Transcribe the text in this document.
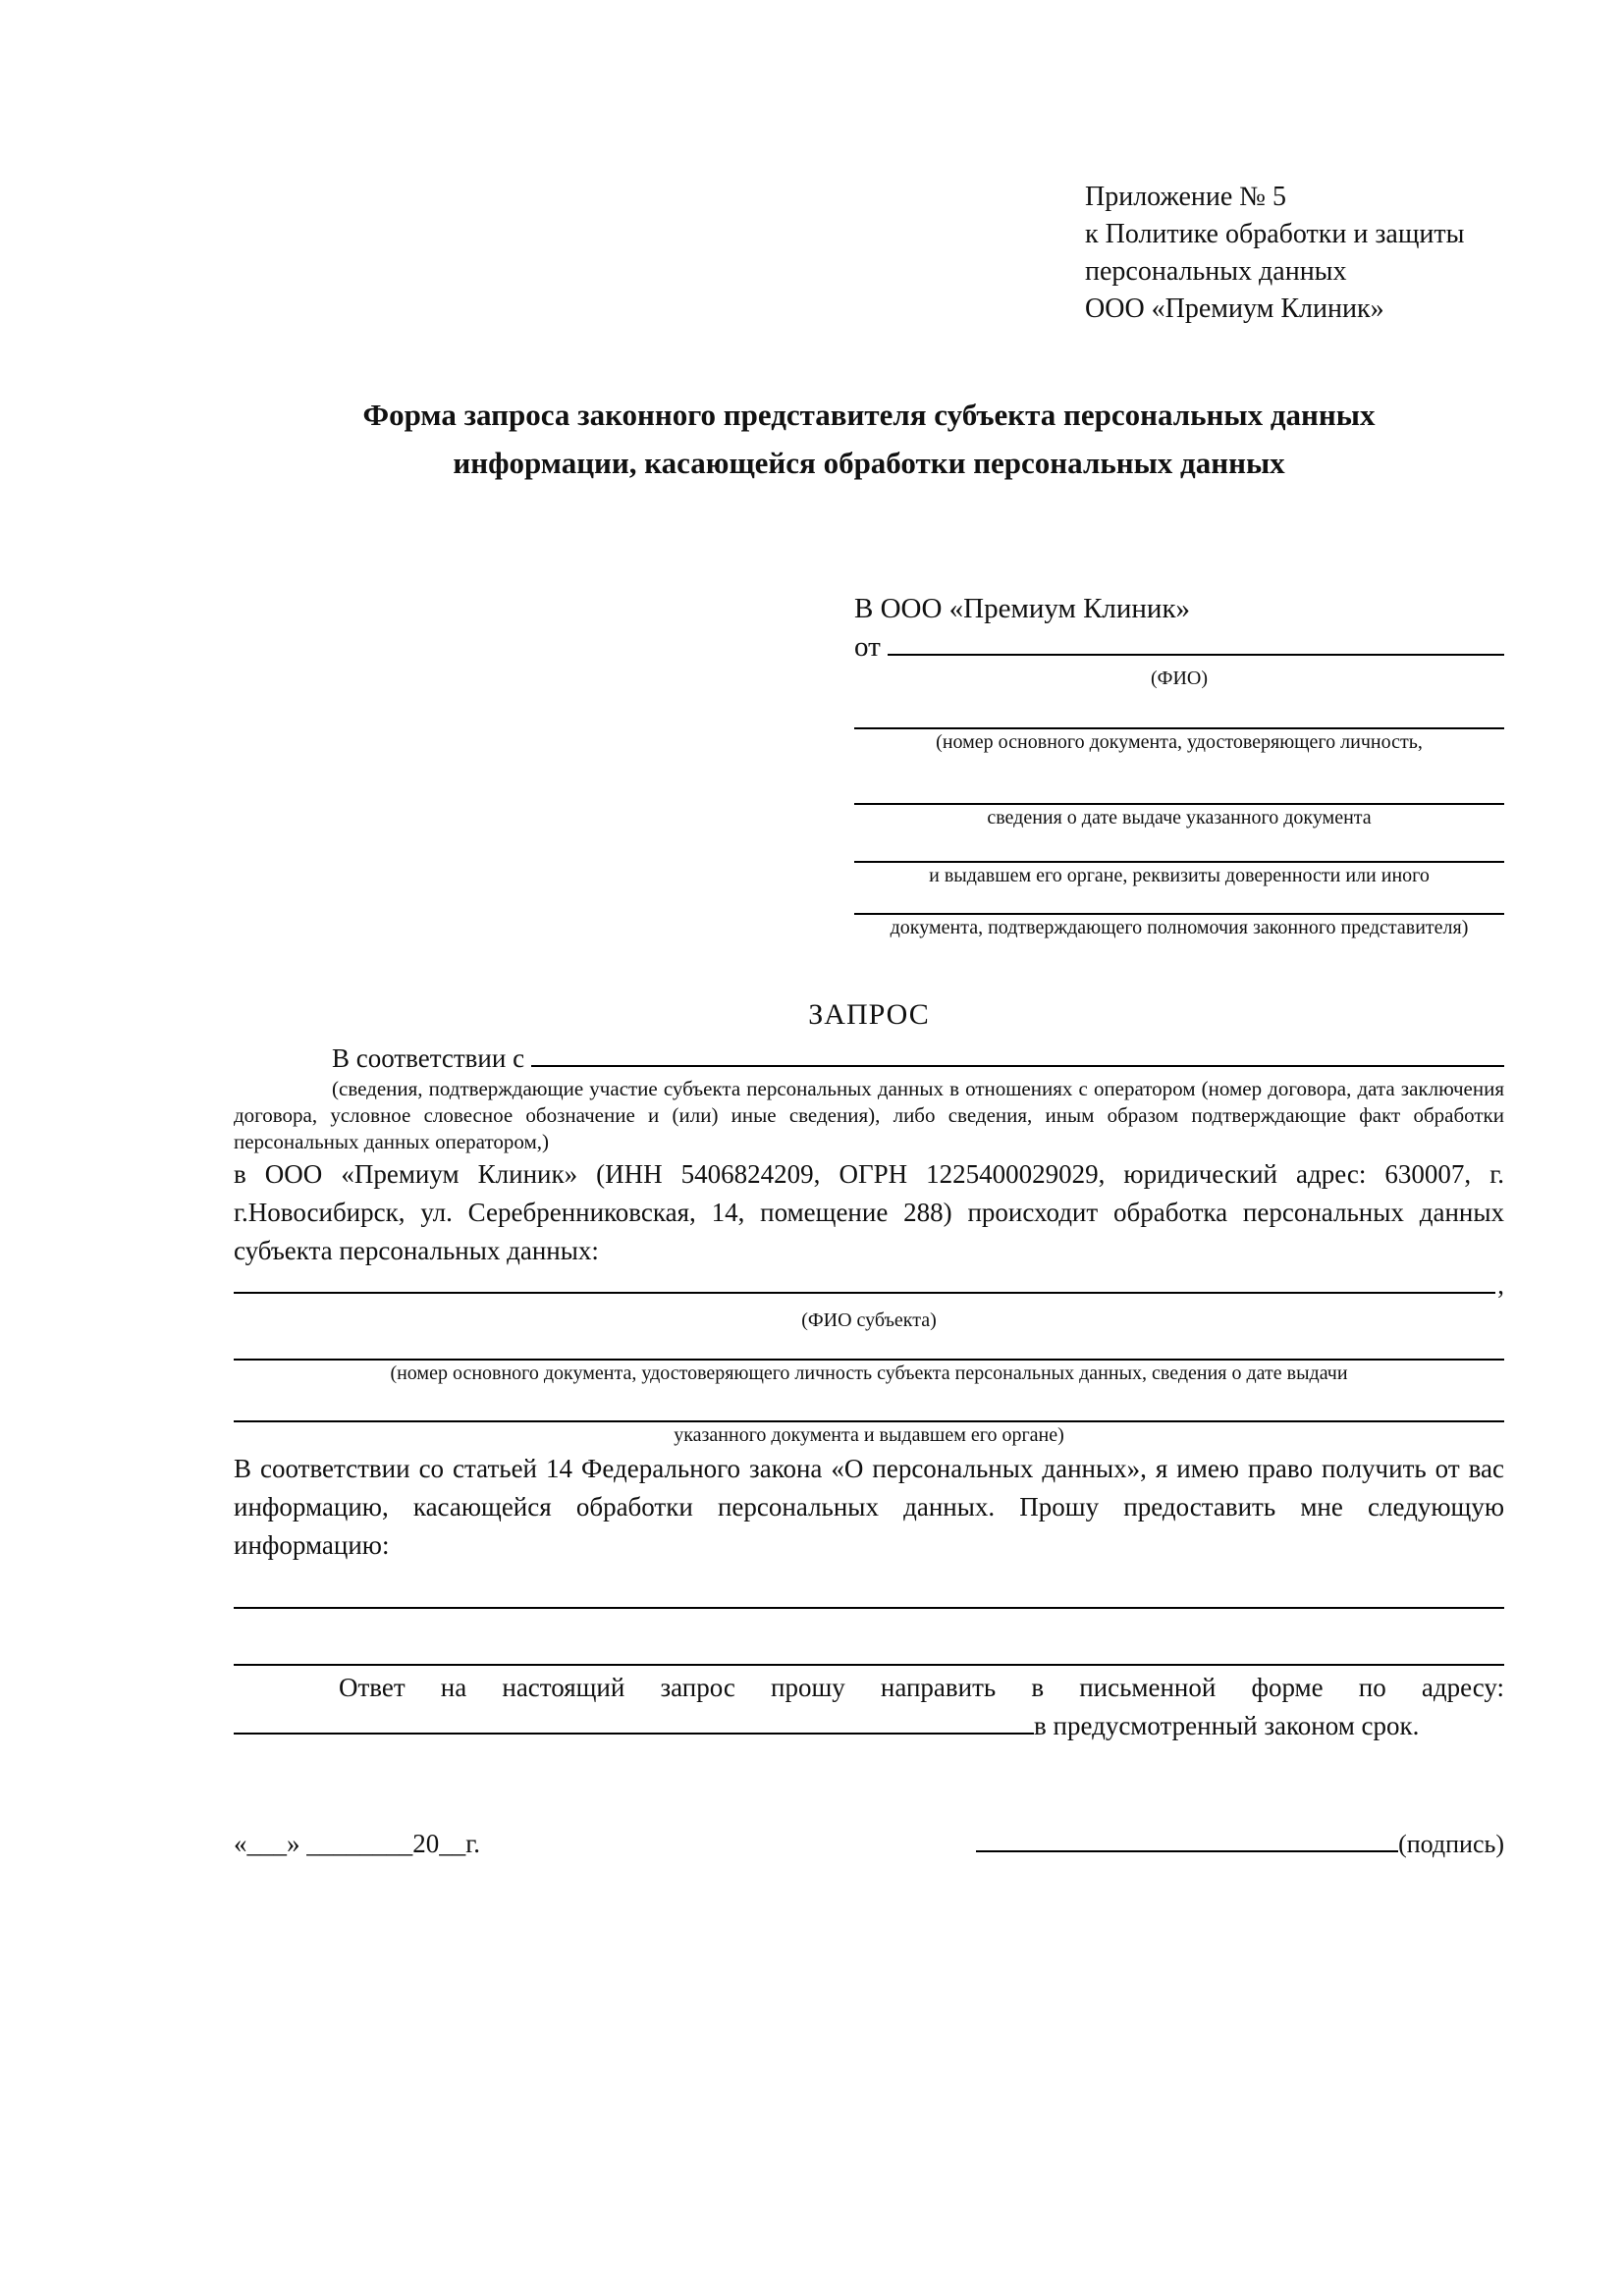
Приложение № 5
к Политике обработки и защиты
персональных данных
ООО «Премиум Клиник»
Форма запроса законного представителя субъекта персональных данных
информации, касающейся обработки персональных данных
В ООО «Премиум Клиник»
от
(ФИО)
(номер основного документа, удостоверяющего личность,
сведения о дате выдаче указанного документа
и выдавшем его органе, реквизиты доверенности или иного
документа, подтверждающего полномочия законного представителя)
ЗАПРОС
В соответствии с
(сведения, подтверждающие участие субъекта персональных данных в отношениях с оператором (номер договора, дата заключения договора, условное словесное обозначение и (или) иные сведения), либо сведения, иным образом подтверждающие факт обработки персональных данных оператором,)

в ООО «Премиум Клиник» (ИНН 5406824209, ОГРН 1225400029029, юридический адрес: 630007, г. г.Новосибирск, ул. Серебренниковская, 14, помещение 288) происходит обработка персональных данных субъекта персональных данных:

,
(ФИО субъекта)
(номер основного документа, удостоверяющего личность субъекта персональных данных, сведения о дате выдачи
указанного документа и выдавшем его органе)

В соответствии со статьей 14 Федерального закона «О персональных данных», я имею право получить от вас информацию, касающейся обработки персональных данных. Прошу предоставить мне следующую информацию:

Ответ на настоящий запрос прошу направить в письменной форме по адресу: в предусмотренный законом срок.

«___» ________20__г.	(подпись)
